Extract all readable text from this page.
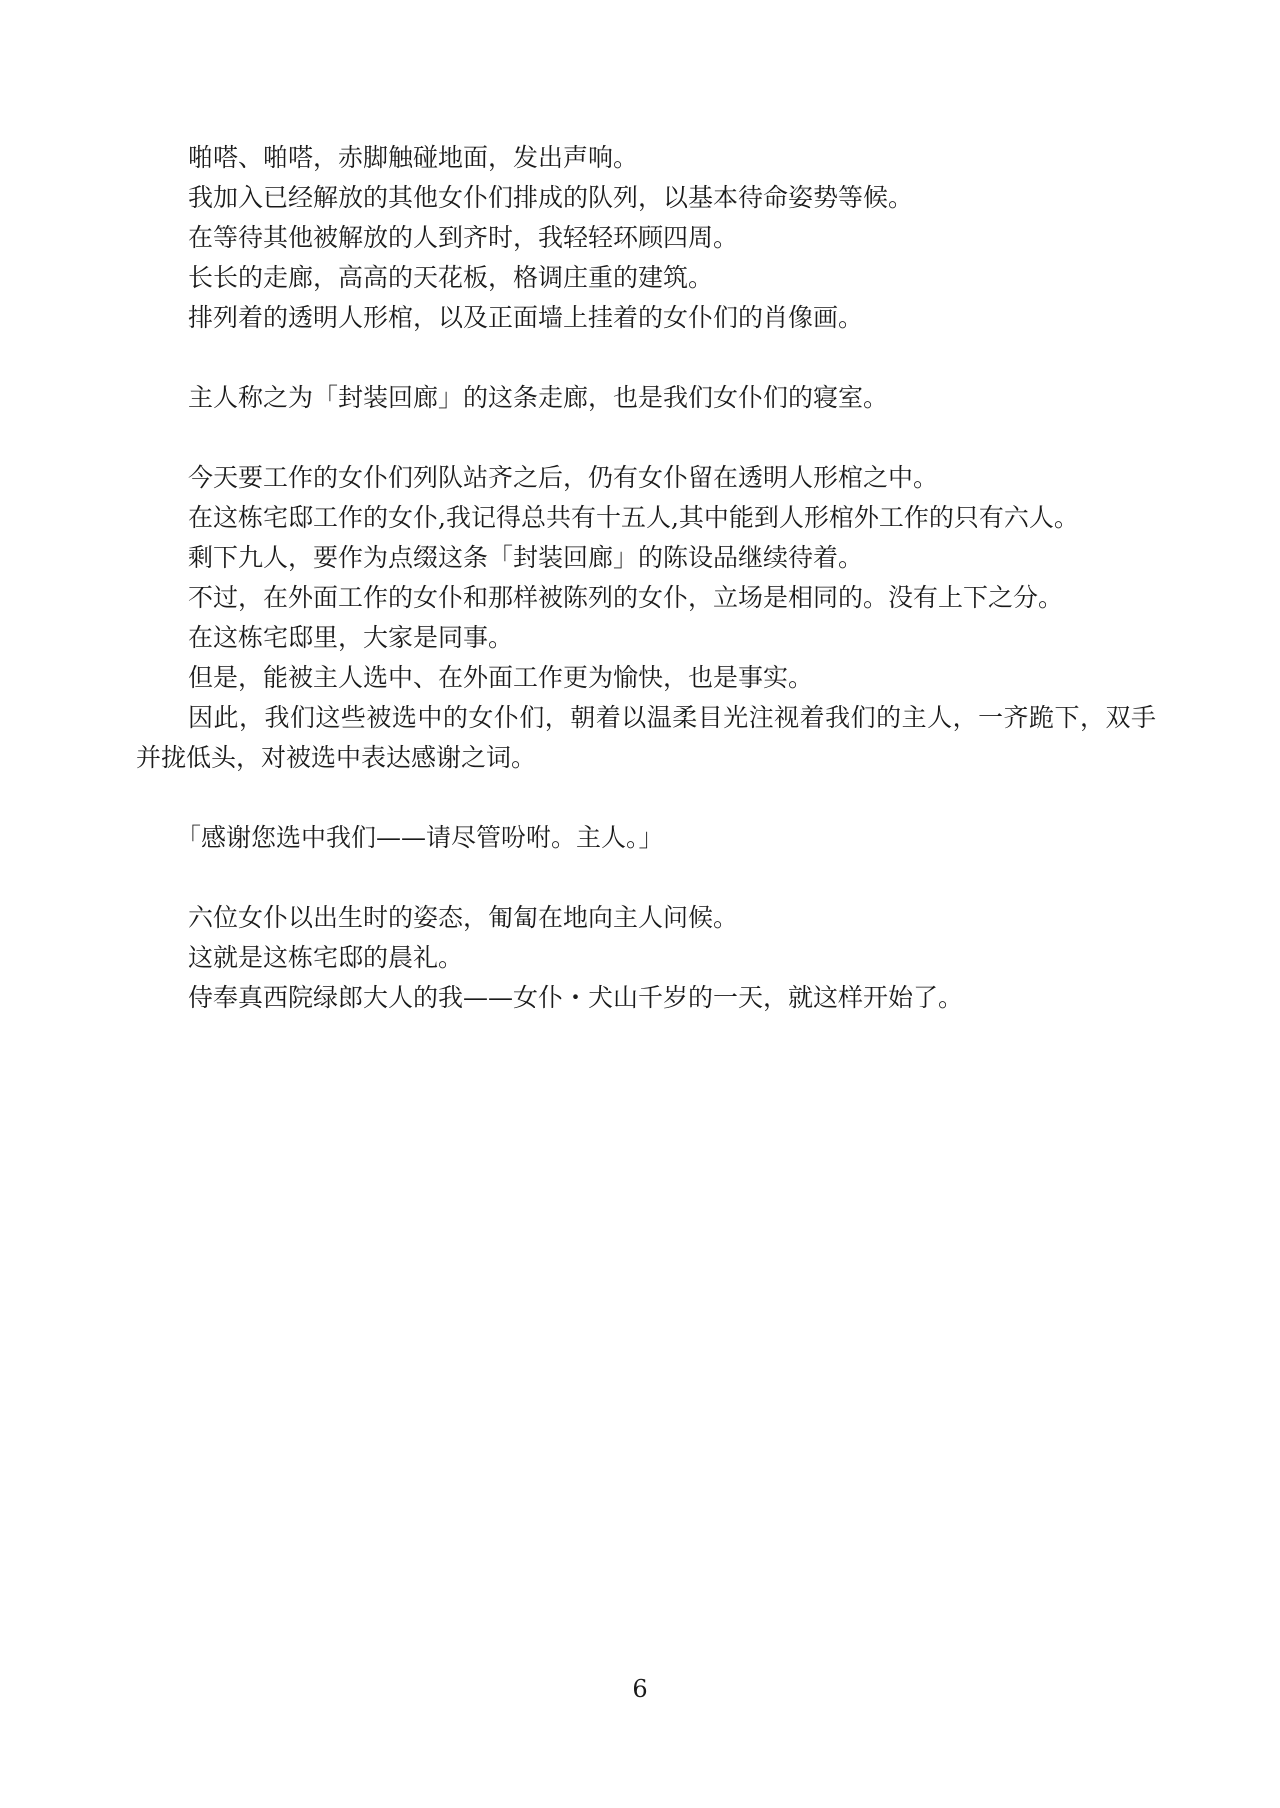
啪嗒、啪嗒，赤脚触碰地面，发出声响。

我加入已经解放的其他女仆们排成的队列，以基本待命姿势等候。

在等待其他被解放的人到齐时，我轻轻环顾四周。

长长的走廊，高高的天花板，格调庄重的建筑。

排列着的透明人形棺，以及正面墙上挂着的女仆们的肖像画。

主人称之为「封装回廊」的这条走廊，也是我们女仆们的寝室。

今天要工作的女仆们列队站齐之后，仍有女仆留在透明人形棺之中。

在这栋宅邸工作的女仆,我记得总共有十五人,其中能到人形棺外工作的只有六人。

剩下九人，要作为点缀这条「封装回廊」的陈设品继续待着。

不过，在外面工作的女仆和那样被陈列的女仆，立场是相同的。没有上下之分。

在这栋宅邸里，大家是同事。

但是，能被主人选中、在外面工作更为愉快，也是事实。

因此，我们这些被选中的女仆们，朝着以温柔目光注视着我们的主人，一齐跪下，双手并拢低头，对被选中表达感谢之词。

「感谢您选中我们——请尽管吩咐。主人。」

六位女仆以出生时的姿态，匍匐在地向主人问候。

这就是这栋宅邸的晨礼。

侍奉真西院绿郎大人的我——女仆・犬山千岁的一天，就这样开始了。

6
